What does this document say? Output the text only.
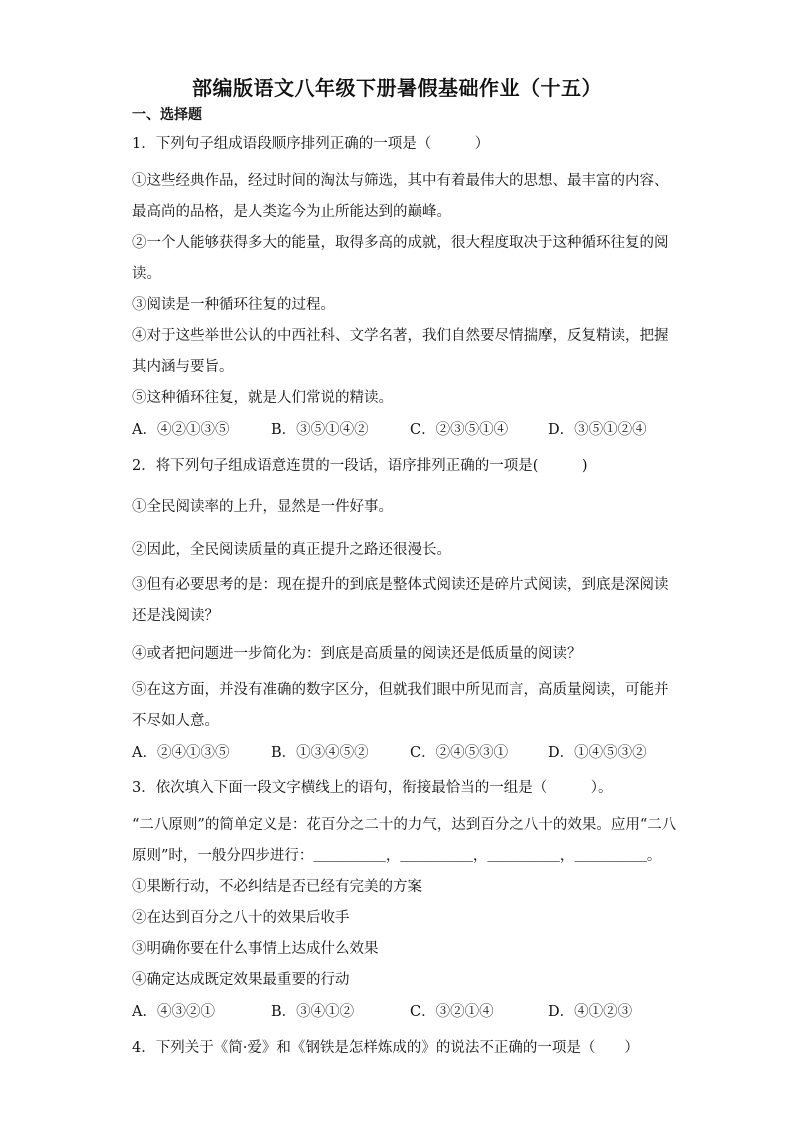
部编版语文八年级下册暑假基础作业（十五）
一、选择题
1．下列句子组成语段顺序排列正确的一项是（　　　）
①这些经典作品，经过时间的淘汰与筛选，其中有着最伟大的思想、最丰富的内容、
最高尚的品格，是人类迄今为止所能达到的巅峰。
②一个人能够获得多大的能量，取得多高的成就，很大程度取决于这种循环往复的阅
读。
③阅读是一种循环往复的过程。
④对于这些举世公认的中西社科、文学名著，我们自然要尽情揣摩，反复精读，把握
其内涵与要旨。
⑤这种循环往复，就是人们常说的精读。
A．④②①③⑤	B．③⑤①④②	C．②③⑤①④	D．③⑤①②④
2．将下列句子组成语意连贯的一段话，语序排列正确的一项是(　　　)
①全民阅读率的上升，显然是一件好事。
②因此，全民阅读质量的真正提升之路还很漫长。
③但有必要思考的是：现在提升的到底是整体式阅读还是碎片式阅读，到底是深阅读
还是浅阅读？
④或者把问题进一步简化为：到底是高质量的阅读还是低质量的阅读？
⑤在这方面，并没有准确的数字区分，但就我们眼中所见而言，高质量阅读，可能并
不尽如人意。
A．②④①③⑤	B．①③④⑤②	C．②④⑤③①	D．①④⑤③②
3．依次填入下面一段文字横线上的语句，衔接最恰当的一组是（　　　）。
“二八原则”的简单定义是：花百分之二十的力气，达到百分之八十的效果。应用“二八
原则”时，一般分四步进行：＿＿＿＿＿，＿＿＿＿＿，＿＿＿＿＿，＿＿＿＿＿。
①果断行动，不必纠结是否已经有完美的方案
②在达到百分之八十的效果后收手
③明确你要在什么事情上达成什么效果
④确定达成既定效果最重要的行动
A．④③②①	B．③④①②	C．③②①④	D．④①②③
4．下列关于《简·爱》和《钢铁是怎样炼成的》的说法不正确的一项是（　　）
